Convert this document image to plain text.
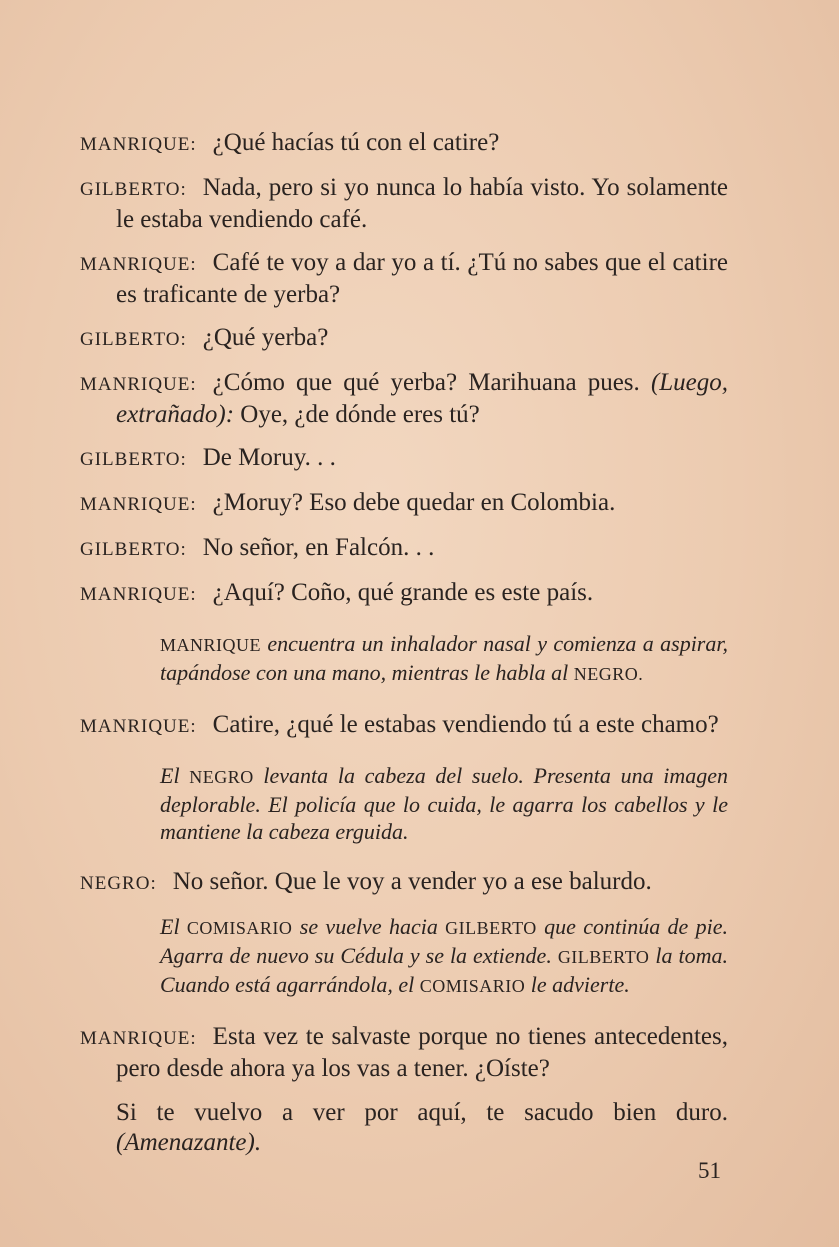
MANRIQUE: ¿Qué hacías tú con el catire?

GILBERTO: Nada, pero si yo nunca lo había visto. Yo solamente le estaba vendiendo café.

MANRIQUE: Café te voy a dar yo a tí. ¿Tú no sabes que el catire es traficante de yerba?

GILBERTO: ¿Qué yerba?

MANRIQUE: ¿Cómo que qué yerba? Marihuana pues. (Luego, extrañado): Oye, ¿de dónde eres tú?

GILBERTO: De Moruy. . .

MANRIQUE: ¿Moruy? Eso debe quedar en Colombia.

GILBERTO: No señor, en Falcón. . .

MANRIQUE: ¿Aquí? Coño, qué grande es este país.

MANRIQUE encuentra un inhalador nasal y comienza a aspirar, tapándose con una mano, mientras le habla al NEGRO.

MANRIQUE: Catire, ¿qué le estabas vendiendo tú a este chamo?

El NEGRO levanta la cabeza del suelo. Presenta una imagen deplorable. El policía que lo cuida, le agarra los cabellos y le mantiene la cabeza erguida.

NEGRO: No señor. Que le voy a vender yo a ese balurdo.

El COMISARIO se vuelve hacia GILBERTO que continúa de pie. Agarra de nuevo su Cédula y se la extiende. GILBERTO la toma. Cuando está agarrándola, el COMISARIO le advierte.

MANRIQUE: Esta vez te salvaste porque no tienes antecedentes, pero desde ahora ya los vas a tener. ¿Oíste?

Si te vuelvo a ver por aquí, te sacudo bien duro. (Amenazante).

51
